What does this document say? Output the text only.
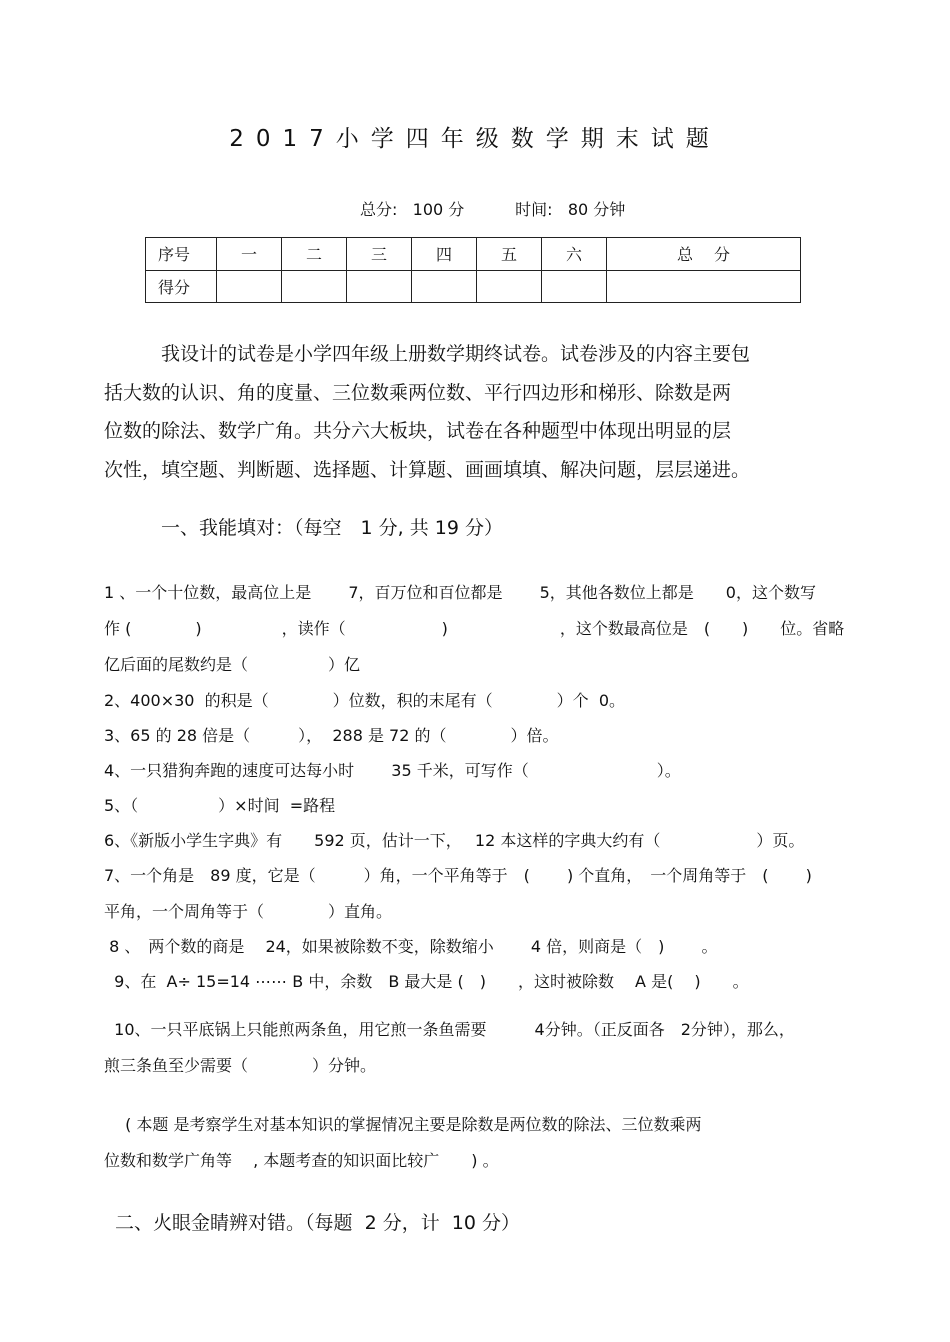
2017小学四年级数学期末试题
总分: 100 分	时间: 80 分钟
序号	一	二	三	四	五	六	总　 分
得分							
我设计的试卷是小学四年级上册数学期终试卷。试卷涉及的内容主要包
括大数的认识、角的度量、三位数乘两位数、平行四边形和梯形、除数是两
位数的除法、数学广角。共分六大板块，试卷在各种题型中体现出明显的层
次性，填空题、判断题、选择题、计算题、画画填填、解决问题，层层递进。
一、我能填对：（每空　1 分, 共 19 分）
1 、一个十位数，最高位上是　　 7，百万位和百位都是　　 5，其他各数位上都是　　0，这个数写
作 (　　　　)　　　　　，读作（　　　　　　)　　　　　　　，这个数最高位是　(　　)　　位。省略
亿后面的尾数约是（　　　　　）亿
2、400×30  的积是（　　　　）位数，积的末尾有（　　　　）个  0。
3、65 的 28 倍是（　　　），  288 是 72 的（　　　　）倍。
4、一只猎狗奔跑的速度可达每小时　　 35 千米，可写作（　　　　　　　　）。
5、（　　　　　）×时间  =路程
6、《新版小学生字典》有　　592 页，估计一下，　 12 本这样的字典大约有（　　　　　　）页。
7、一个角是　89 度，它是（　　　）角，一个平角等于　(　　 ) 个直角，　一个周角等于　(　　 )
平角，一个周角等于（　　　　）直角。
8 、　两个数的商是　 24，如果被除数不变，除数缩小　　 4 倍，则商是（　)　　 。
9、在  A÷ 15=14 ⋯⋯ B 中，余数　B 最大是 (　)　　，这时被除数　 A 是(　 )　　。
10、一只平底锅上只能煎两条鱼，用它煎一条鱼需要　　　4分钟。（正反面各　2分钟），那么，
煎三条鱼至少需要（　　　　）分钟。
　 ( 本题 是考察学生对基本知识的掌握情况主要是除数是两位数的除法、三位数乘两
位数和数学广角等　 , 本题考查的知识面比较广　　) 。
二、火眼金睛辨对错。（每题  2 分，计  10 分）
